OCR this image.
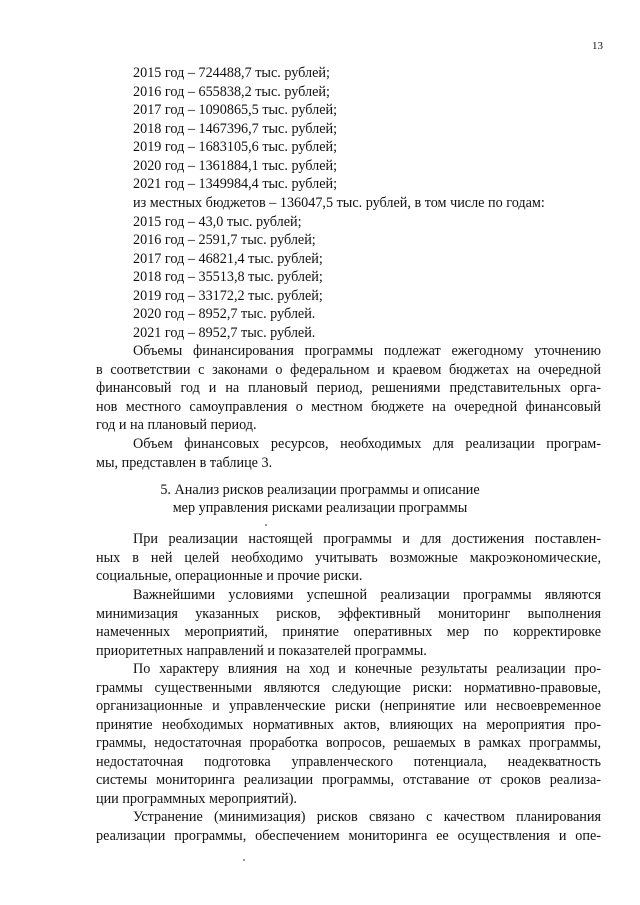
13
2015 год – 724488,7 тыс. рублей;
2016 год – 655838,2 тыс. рублей;
2017 год – 1090865,5 тыс. рублей;
2018 год – 1467396,7 тыс. рублей;
2019 год – 1683105,6 тыс. рублей;
2020 год – 1361884,1 тыс. рублей;
2021 год – 1349984,4 тыс. рублей;
из местных бюджетов – 136047,5 тыс. рублей, в том числе по годам:
2015 год – 43,0 тыс. рублей;
2016 год – 2591,7 тыс. рублей;
2017 год – 46821,4 тыс. рублей;
2018 год – 35513,8 тыс. рублей;
2019 год – 33172,2 тыс. рублей;
2020 год – 8952,7 тыс. рублей.
2021 год – 8952,7 тыс. рублей.
Объемы финансирования программы подлежат ежегодному уточнению
в соответствии с законами о федеральном и краевом бюджетах на очередной
финансовый год и на плановый период, решениями представительных орга-
нов местного самоуправления о местном бюджете на очередной финансовый
год и на плановый период.
Объем финансовых ресурсов, необходимых для реализации програм-
мы, представлен в таблице 3.
5. Анализ рисков реализации программы и описание
мер управления рисками реализации программы
При реализации настоящей программы и для достижения поставлен-
ных в ней целей необходимо учитывать возможные макроэкономические,
социальные, операционные и прочие риски.
Важнейшими условиями успешной реализации программы являются
минимизация указанных рисков, эффективный мониторинг выполнения
намеченных мероприятий, принятие оперативных мер по корректировке
приоритетных направлений и показателей программы.
По характеру влияния на ход и конечные результаты реализации про-
граммы существенными являются следующие риски: нормативно-правовые,
организационные и управленческие риски (непринятие или несвоевременное
принятие необходимых нормативных актов, влияющих на мероприятия про-
граммы, недостаточная проработка вопросов, решаемых в рамках программы,
недостаточная подготовка управленческого потенциала, неадекватность
системы мониторинга реализации программы, отставание от сроков реализа-
ции программных мероприятий).
Устранение (минимизация) рисков связано с качеством планирования
реализации программы, обеспечением мониторинга ее осуществления и опе-
